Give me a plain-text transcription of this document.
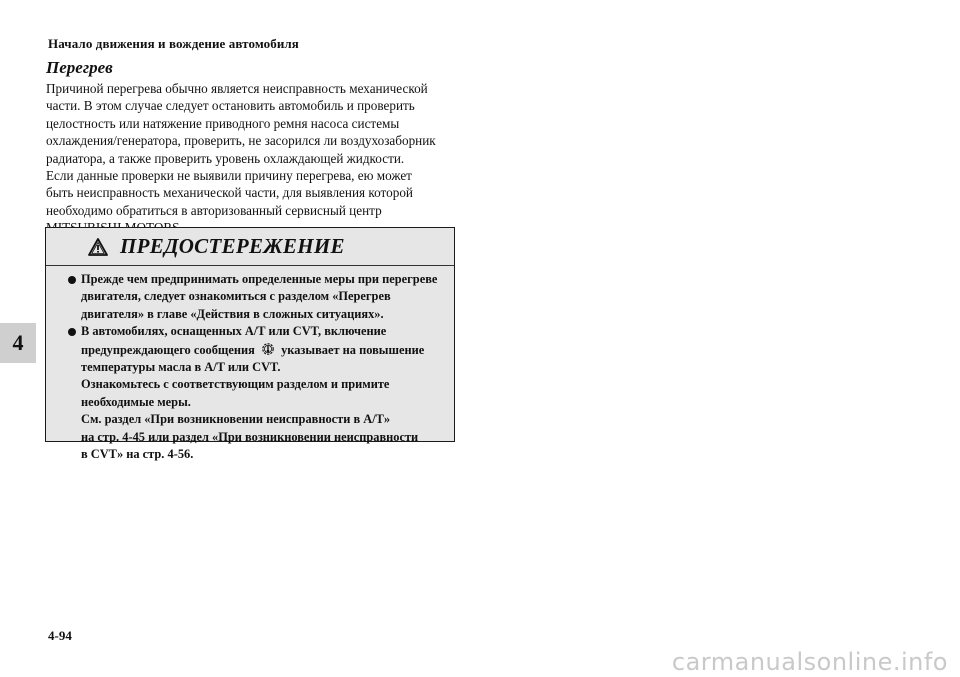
Начало движения и вождение автомобиля
Перегрев

Причиной перегрева обычно является неисправность механической

части. В этом случае следует остановить автомобиль и проверить

целостность или натяжение приводного ремня насоса системы

охлаждения/генератора, проверить, не засорился ли воздухозаборник

радиатора, а также проверить уровень охлаждающей жидкости.

Если данные проверки не выявили причину перегрева, ею может

быть неисправность механической части, для выявления которой

необходимо обратиться в авторизованный сервисный центр

4
ПРЕДОСТЕРЕЖЕНИЕ
Прежде чем предпринимать определенные меры при перегреве
двигателя, следует ознакомиться с разделом «Перегрев
двигателя» в главе «Действия в сложных ситуациях».
В автомобилях, оснащенных A/T или CVT, включение
предупреждающего сообщения указывает на повышение
температуры масла в A/T или CVT.
Ознакомьтесь с соответствующим разделом и примите
необходимые меры.
См. раздел «При возникновении неисправности в A/T»
на стр. 4-45 или раздел «При возникновении неисправности
в CVT» на стр. 4-56.
4-94
carmanualsonline.info
